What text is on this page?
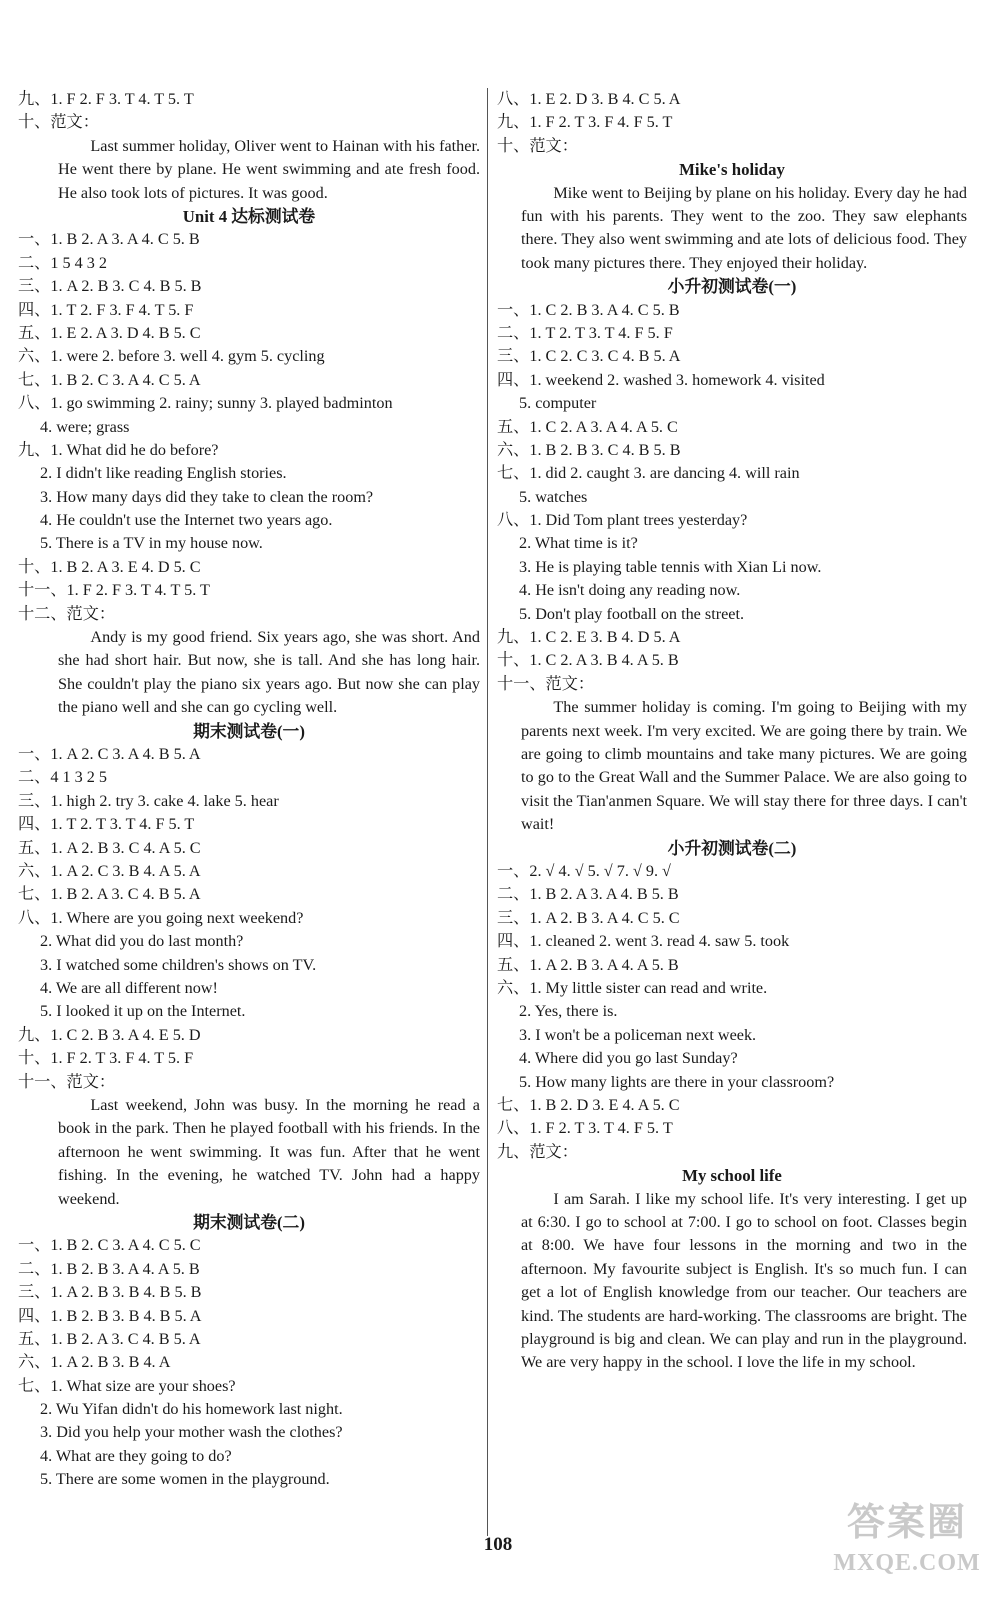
九、1. F 2. F 3. T 4. T 5. T
十、范文：
Last summer holiday, Oliver went to Hainan with his father. He went there by plane. He went swimming and ate fresh food. He also took lots of pictures. It was good.
Unit 4 达标测试卷
一、1. B 2. A 3. A 4. C 5. B
二、1 5 4 3 2
三、1. A 2. B 3. C 4. B 5. B
四、1. T 2. F 3. F 4. T 5. F
五、1. E 2. A 3. D 4. B 5. C
六、1. were 2. before 3. well 4. gym 5. cycling
七、1. B 2. C 3. A 4. C 5. A
八、1. go swimming 2. rainy; sunny 3. played badminton
4. were; grass
九、1. What did he do before?
2. I didn't like reading English stories.
3. How many days did they take to clean the room?
4. He couldn't use the Internet two years ago.
5. There is a TV in my house now.
十、1. B 2. A 3. E 4. D 5. C
十一、1. F 2. F 3. T 4. T 5. T
十二、范文：
Andy is my good friend. Six years ago, she was short. And she had short hair. But now, she is tall. And she has long hair. She couldn't play the piano six years ago. But now she can play the piano well and she can go cycling well.
期末测试卷(一)
一、1. A 2. C 3. A 4. B 5. A
二、4 1 3 2 5
三、1. high 2. try 3. cake 4. lake 5. hear
四、1. T 2. T 3. T 4. F 5. T
五、1. A 2. B 3. C 4. A 5. C
六、1. A 2. C 3. B 4. A 5. A
七、1. B 2. A 3. C 4. B 5. A
八、1. Where are you going next weekend?
2. What did you do last month?
3. I watched some children's shows on TV.
4. We are all different now!
5. I looked it up on the Internet.
九、1. C 2. B 3. A 4. E 5. D
十、1. F 2. T 3. F 4. T 5. F
十一、范文：
Last weekend, John was busy. In the morning he read a book in the park. Then he played football with his friends. In the afternoon he went swimming. It was fun. After that he went fishing. In the evening, he watched TV. John had a happy weekend.
期末测试卷(二)
一、1. B 2. C 3. A 4. C 5. C
二、1. B 2. B 3. A 4. A 5. B
三、1. A 2. B 3. B 4. B 5. B
四、1. B 2. B 3. B 4. B 5. A
五、1. B 2. A 3. C 4. B 5. A
六、1. A 2. B 3. B 4. A
七、1. What size are your shoes?
2. Wu Yifan didn't do his homework last night.
3. Did you help your mother wash the clothes?
4. What are they going to do?
5. There are some women in the playground.
八、1. E 2. D 3. B 4. C 5. A
九、1. F 2. T 3. F 4. F 5. T
十、范文：
Mike's holiday
Mike went to Beijing by plane on his holiday. Every day he had fun with his parents. They went to the zoo. They saw elephants there. They also went swimming and ate lots of delicious food. They took many pictures there. They enjoyed their holiday.
小升初测试卷(一)
一、1. C 2. B 3. A 4. C 5. B
二、1. T 2. T 3. T 4. F 5. F
三、1. C 2. C 3. C 4. B 5. A
四、1. weekend 2. washed 3. homework 4. visited
5. computer
五、1. C 2. A 3. A 4. A 5. C
六、1. B 2. B 3. C 4. B 5. B
七、1. did 2. caught 3. are dancing 4. will rain
5. watches
八、1. Did Tom plant trees yesterday?
2. What time is it?
3. He is playing table tennis with Xian Li now.
4. He isn't doing any reading now.
5. Don't play football on the street.
九、1. C 2. E 3. B 4. D 5. A
十、1. C 2. A 3. B 4. A 5. B
十一、范文：
The summer holiday is coming. I'm going to Beijing with my parents next week. I'm very excited. We are going there by train. We are going to climb mountains and take many pictures. We are going to go to the Great Wall and the Summer Palace. We are also going to visit the Tian'anmen Square. We will stay there for three days. I can't wait!
小升初测试卷(二)
一、2. √ 4. √ 5. √ 7. √ 9. √
二、1. B 2. A 3. A 4. B 5. B
三、1. A 2. B 3. A 4. C 5. C
四、1. cleaned 2. went 3. read 4. saw 5. took
五、1. A 2. B 3. A 4. A 5. B
六、1. My little sister can read and write.
2. Yes, there is.
3. I won't be a policeman next week.
4. Where did you go last Sunday?
5. How many lights are there in your classroom?
七、1. B 2. D 3. E 4. A 5. C
八、1. F 2. T 3. T 4. F 5. T
九、范文：
My school life
I am Sarah. I like my school life. It's very interesting. I get up at 6:30. I go to school at 7:00. I go to school on foot. Classes begin at 8:00. We have four lessons in the morning and two in the afternoon. My favourite subject is English. It's so much fun. I can get a lot of English knowledge from our teacher. Our teachers are kind. The students are hard-working. The classrooms are bright. The playground is big and clean. We can play and run in the playground. We are very happy in the school. I love the life in my school.
108
答案圈
MXQE.COM
